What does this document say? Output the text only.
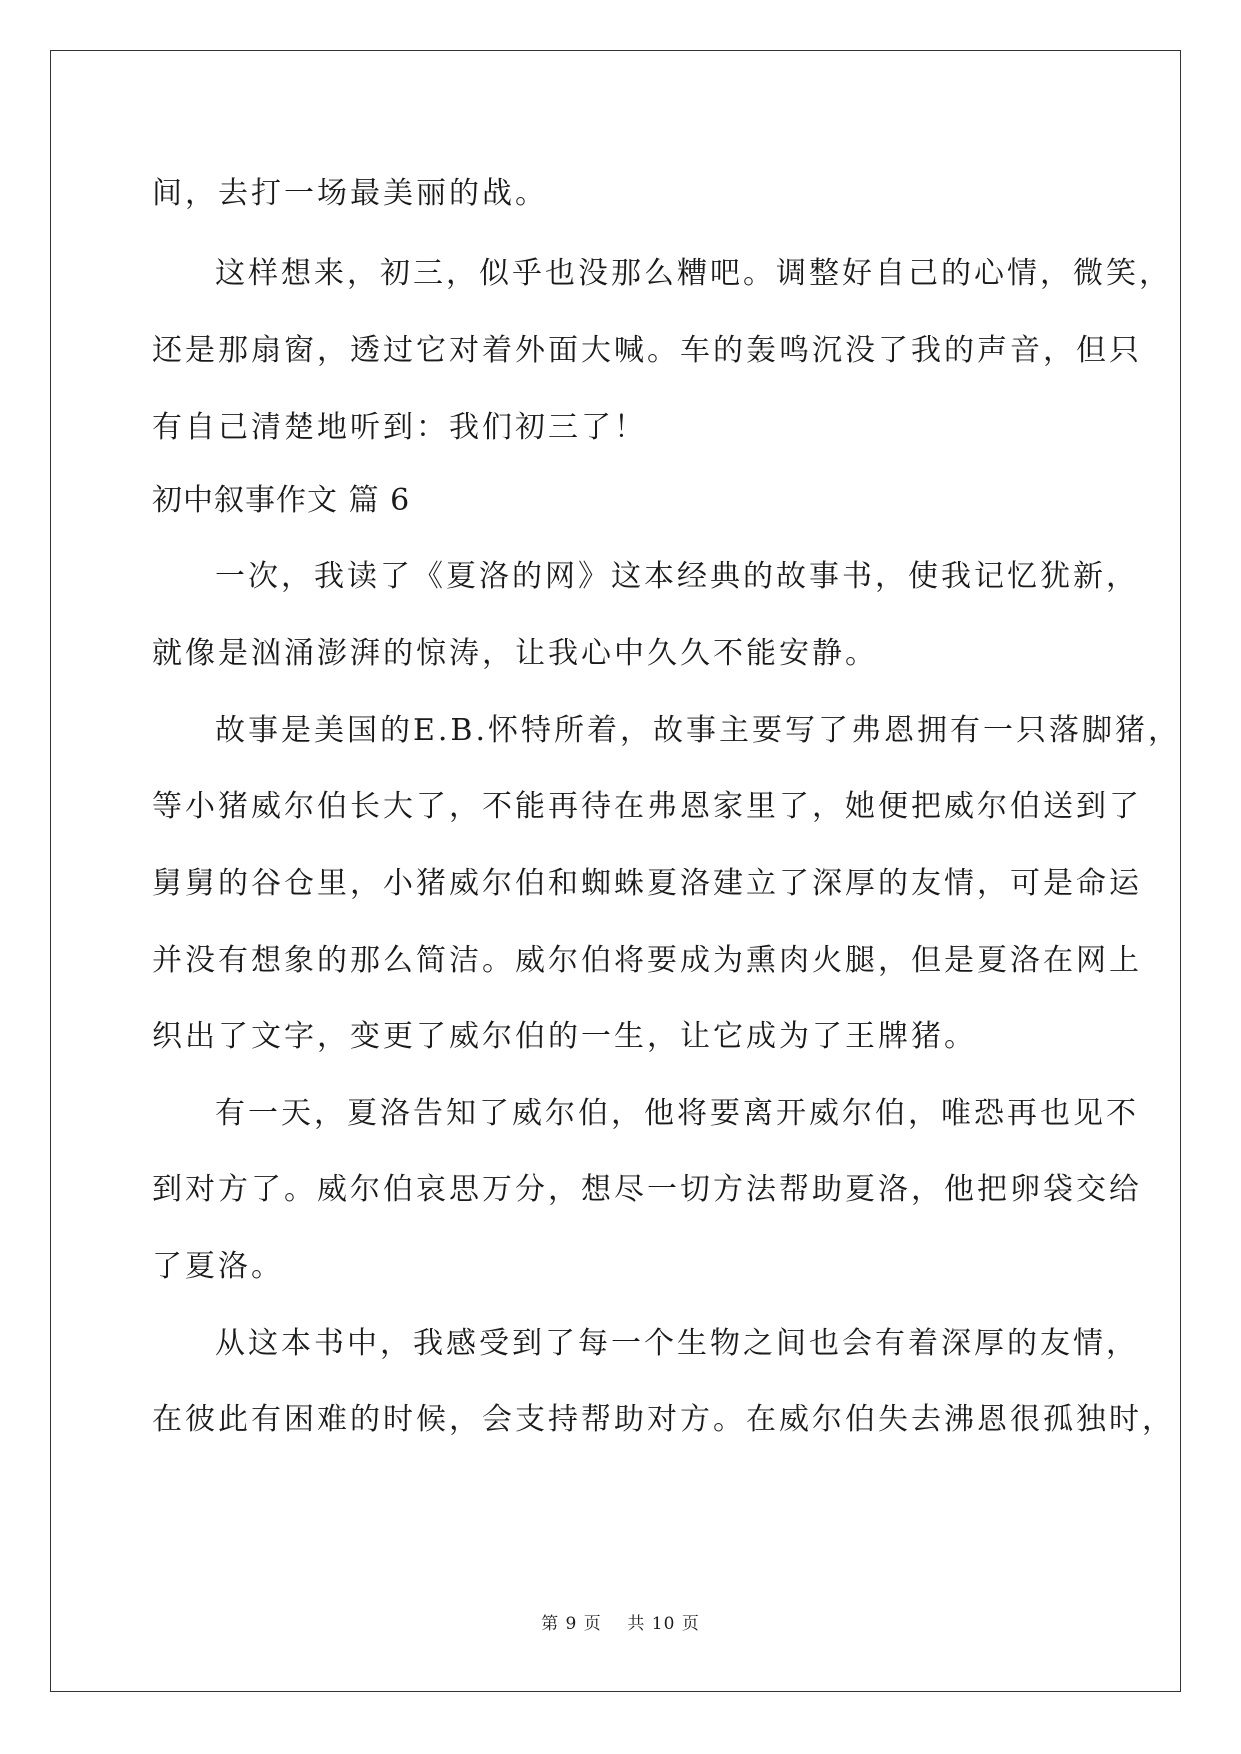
间，去打一场最美丽的战。
这样想来，初三，似乎也没那么糟吧。调整好自己的心情，微笑，
还是那扇窗，透过它对着外面大喊。车的轰鸣沉没了我的声音，但只
有自己清楚地听到：我们初三了！
初中叙事作文 篇 6
一次，我读了《夏洛的网》这本经典的故事书，使我记忆犹新，
就像是汹涌澎湃的惊涛，让我心中久久不能安静。
故事是美国的E.B.怀特所着，故事主要写了弗恩拥有一只落脚猪，
等小猪威尔伯长大了，不能再待在弗恩家里了，她便把威尔伯送到了
舅舅的谷仓里，小猪威尔伯和蜘蛛夏洛建立了深厚的友情，可是命运
并没有想象的那么简洁。威尔伯将要成为熏肉火腿，但是夏洛在网上
织出了文字，变更了威尔伯的一生，让它成为了王牌猪。
有一天，夏洛告知了威尔伯，他将要离开威尔伯，唯恐再也见不
到对方了。威尔伯哀思万分，想尽一切方法帮助夏洛，他把卵袋交给
了夏洛。
从这本书中，我感受到了每一个生物之间也会有着深厚的友情，
在彼此有困难的时候，会支持帮助对方。在威尔伯失去沸恩很孤独时，
第 9 页 共 10 页
